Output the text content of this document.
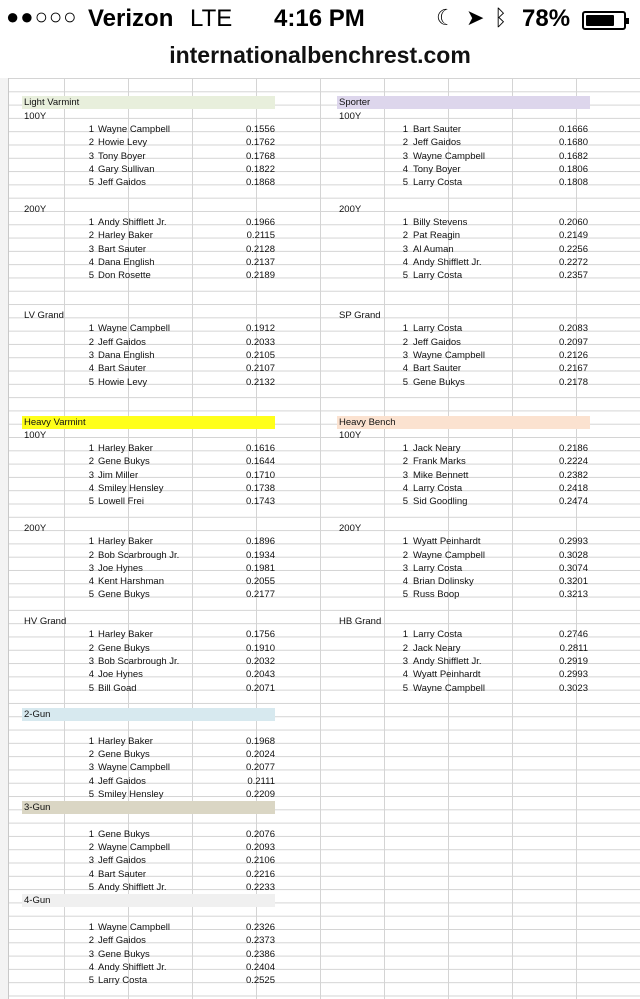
●●○○○ Verizon LTE 4:16 PM	☾ ➤ ᛒ 78%
internationalbenchrest.com
Light Varmint
100Y
1 Wayne Campbell	0.1556
2 Howie Levy	0.1762
3 Tony Boyer	0.1768
4 Gary Sullivan	0.1822
5 Jeff Gaidos	0.1868
200Y
1 Andy Shifflett Jr.	0.1966
2 Harley Baker	0.2115
3 Bart Sauter	0.2128
4 Dana English	0.2137
5 Don Rosette	0.2189
LV Grand
1 Wayne Campbell	0.1912
2 Jeff Gaidos	0.2033
3 Dana English	0.2105
4 Bart Sauter	0.2107
5 Howie Levy	0.2132
Sporter
100Y
1 Bart Sauter	0.1666
2 Jeff Gaidos	0.1680
3 Wayne Campbell	0.1682
4 Tony Boyer	0.1806
5 Larry Costa	0.1808
200Y
1 Billy Stevens	0.2060
2 Pat Reagin	0.2149
3 Al Auman	0.2256
4 Andy Shifflett Jr.	0.2272
5 Larry Costa	0.2357
SP Grand
1 Larry Costa	0.2083
2 Jeff Gaidos	0.2097
3 Wayne Campbell	0.2126
4 Bart Sauter	0.2167
5 Gene Bukys	0.2178
Heavy Varmint
100Y
1 Harley Baker	0.1616
2 Gene Bukys	0.1644
3 Jim Miller	0.1710
4 Smiley Hensley	0.1738
5 Lowell Frei	0.1743
200Y
1 Harley Baker	0.1896
2 Bob Scarbrough Jr.	0.1934
3 Joe Hynes	0.1981
4 Kent Harshman	0.2055
5 Gene Bukys	0.2177
HV Grand
1 Harley Baker	0.1756
2 Gene Bukys	0.1910
3 Bob Scarbrough Jr.	0.2032
4 Joe Hynes	0.2043
5 Bill Goad	0.2071
Heavy Bench
100Y
1 Jack Neary	0.2186
2 Frank Marks	0.2224
3 Mike Bennett	0.2382
4 Larry Costa	0.2418
5 Sid Goodling	0.2474
200Y
1 Wyatt Peinhardt	0.2993
2 Wayne Campbell	0.3028
3 Larry Costa	0.3074
4 Brian Dolinsky	0.3201
5 Russ Boop	0.3213
HB Grand
1 Larry Costa	0.2746
2 Jack Neary	0.2811
3 Andy Shifflett Jr.	0.2919
4 Wyatt Peinhardt	0.2993
5 Wayne Campbell	0.3023
2-Gun
1 Harley Baker	0.1968
2 Gene Bukys	0.2024
3 Wayne Campbell	0.2077
4 Jeff Gaidos	0.2111
5 Smiley Hensley	0.2209
3-Gun
1 Gene Bukys	0.2076
2 Wayne Campbell	0.2093
3 Jeff Gaidos	0.2106
4 Bart Sauter	0.2216
5 Andy Shifflett Jr.	0.2233
4-Gun
1 Wayne Campbell	0.2326
2 Jeff Gaidos	0.2373
3 Gene Bukys	0.2386
4 Andy Shifflett Jr.	0.2404
5 Larry Costa	0.2525
